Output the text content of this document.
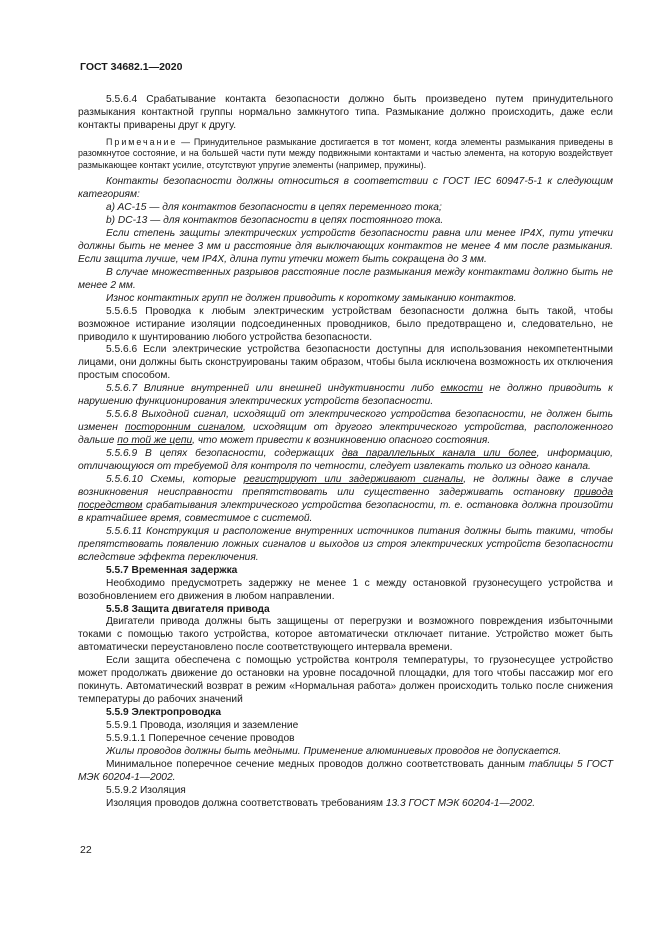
ГОСТ 34682.1—2020

5.5.6.4 Срабатывание контакта безопасности должно быть произведено путем принудительного размыкания контактной группы нормально замкнутого типа. Размыкание должно происходить, даже если контакты приварены друг к другу.

Примечание — Принудительное размыкание достигается в тот момент, когда элементы размыкания приведены в разомкнутое состояние, и на большей части пути между подвижными контактами и частью элемента, на которую воздействует размыкающее контакт усилие, отсутствуют упругие элементы (например, пружины).

Контакты безопасности должны относиться в соответствии с ГОСТ IEC 60947-5-1 к следующим категориям:

a) AC-15 — для контактов безопасности в цепях переменного тока;

b) DC-13 — для контактов безопасности в цепях постоянного тока.

Если степень защиты электрических устройств безопасности равна или менее IP4X, пути утечки должны быть не менее 3 мм и расстояние для выключающих контактов не менее 4 мм после размыкания. Если защита лучше, чем IP4X, длина пути утечки может быть сокращена до 3 мм.

В случае множественных разрывов расстояние после размыкания между контактами должно быть не менее 2 мм.

Износ контактных групп не должен приводить к короткому замыканию контактов.

5.5.6.5 Проводка к любым электрическим устройствам безопасности должна быть такой, чтобы возможное истирание изоляции подсоединенных проводников, было предотвращено и, следовательно, не приводило к шунтированию любого устройства безопасности.

5.5.6.6 Если электрические устройства безопасности доступны для использования некомпетентными лицами, они должны быть сконструированы таким образом, чтобы была исключена возможность их отключения простым способом.

5.5.6.7 Влияние внутренней или внешней индуктивности либо емкости не должно приводить к нарушению функционирования электрических устройств безопасности.

5.5.6.8 Выходной сигнал, исходящий от электрического устройства безопасности, не должен быть изменен посторонним сигналом, исходящим от другого электрического устройства, расположенного дальше по той же цепи, что может привести к возникновению опасного состояния.

5.5.6.9 В цепях безопасности, содержащих два параллельных канала или более, информацию, отличающуюся от требуемой для контроля по четности, следует извлекать только из одного канала.

5.5.6.10 Схемы, которые регистрируют или задерживают сигналы, не должны даже в случае возникновения неисправности препятствовать или существенно задерживать остановку привода посредством срабатывания электрического устройства безопасности, т. е. остановка должна произойти в кратчайшее время, совместимое с системой.

5.5.6.11 Конструкция и расположение внутренних источников питания должны быть такими, чтобы препятствовать появлению ложных сигналов и выходов из строя электрических устройств безопасности вследствие эффекта переключения.

5.5.7 Временная задержка

Необходимо предусмотреть задержку не менее 1 с между остановкой грузонесущего устройства и возобновлением его движения в любом направлении.

5.5.8 Защита двигателя привода

Двигатели привода должны быть защищены от перегрузки и возможного повреждения избыточными токами с помощью такого устройства, которое автоматически отключает питание. Устройство может быть автоматически переустановлено после соответствующего интервала времени.

Если защита обеспечена с помощью устройства контроля температуры, то грузонесущее устройство может продолжать движение до остановки на уровне посадочной площадки, для того чтобы пассажир мог его покинуть. Автоматический возврат в режим «Нормальная работа» должен происходить только после снижения температуры до рабочих значений

5.5.9 Электропроводка

5.5.9.1 Провода, изоляция и заземление

5.5.9.1.1 Поперечное сечение проводов

Жилы проводов должны быть медными. Применение алюминиевых проводов не допускается.

Минимальное поперечное сечение медных проводов должно соответствовать данным таблицы 5 ГОСТ МЭК 60204-1—2002.

5.5.9.2 Изоляция

Изоляция проводов должна соответствовать требованиям 13.3 ГОСТ МЭК 60204-1—2002.

22
